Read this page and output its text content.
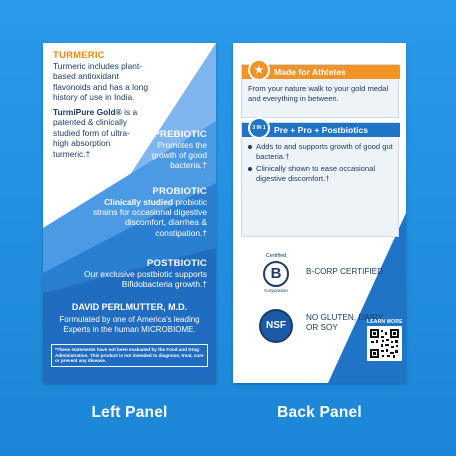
TURMERIC
Turmeric includes plant-based antioxidant flavonoids and has a long history of use in India.
TurmiPure Gold® is a patented & clinically studied form of ultra-high absorption turmeric.†
PREBIOTIC
Promotes the growth of good bacteria.†
PROBIOTIC
Clinically studied probiotic strains for occasional digestive discomfort, diarrhea & constipation.†
POSTBIOTIC
Our exclusive postbiotic supports Bifidobacteria growth.†
DAVID PERLMUTTER, M.D.
Formulated by one of America's leading Experts in the human MICROBIOME.
*These statements have not been evaluated by the Food and Drug Administration. This product is not intended to diagnose, treat, cure or prevent any disease.
Made for Athletes
★
From your nature walk to your gold medal and everything in between.
Pre + Pro + Postbiotics
3 IN 1
Adds to and supports growth of good gut bacteria.†
Clinically shown to ease occasional digestive discomfort.†
Certified
B
Corporation
B-CORP CERTIFIED
NSF
NO GLUTEN, DAIRY OR SOY
LEARN MORE
Left Panel	Back Panel
